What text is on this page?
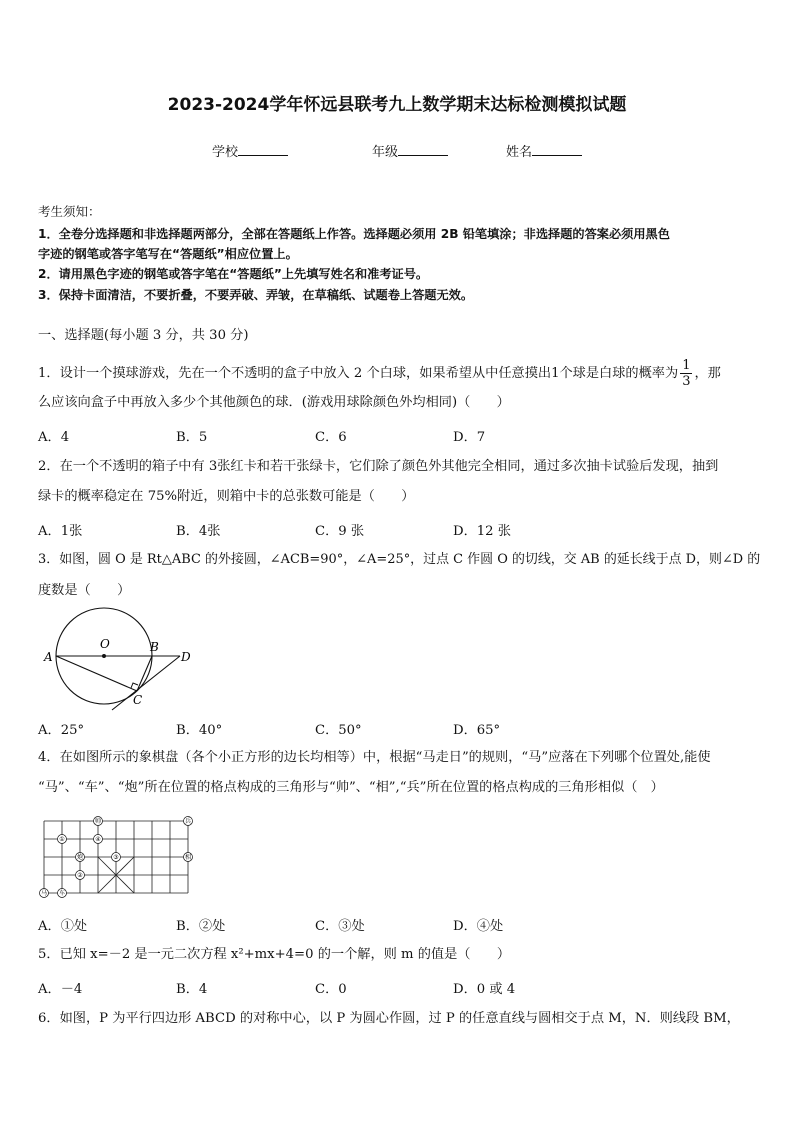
2023-2024学年怀远县联考九上数学期末达标检测模拟试题
学校	年级	姓名
考生须知：
1．全卷分选择题和非选择题两部分，全部在答题纸上作答。选择题必须用 2B 铅笔填涂；非选择题的答案必须用黑色
字迹的钢笔或答字笔写在“答题纸”相应位置上。
2．请用黑色字迹的钢笔或答字笔在“答题纸”上先填写姓名和准考证号。
3．保持卡面清洁，不要折叠，不要弄破、弄皱，在草稿纸、试题卷上答题无效。
一、选择题(每小题 3 分，共 30 分)
1．设计一个摸球游戏，先在一个不透明的盒子中放入 2 个白球，如果希望从中任意摸出1个球是白球的概率为 $\frac{1}{3}$ ，那
么应该向盒子中再放入多少个其他颜色的球．(游戏用球除颜色外均相同)（　　）
A．4	B．5	C．6	D．7
2．在一个不透明的箱子中有 3张红卡和若干张绿卡，它们除了颜色外其他完全相同，通过多次抽卡试验后发现，抽到
绿卡的概率稳定在 75%附近，则箱中卡的总张数可能是（　　）
A．1张	B．4张	C．9 张	D．12 张
3．如图，圆 O 是 Rt△ABC 的外接圆，∠ACB=90°，∠A=25°，过点 C 作圆 O 的切线，交 AB 的延长线于点 D，则∠D 的
度数是（　　）
A
O	B
D
C
A．25°	B．40°	C．50°	D．65°
4．在如图所示的象棋盘（各个小正方形的边长均相等）中，根据“马走日”的规则，“马”应落在下列哪个位置处,能使
“马”、“车”、“炮”所在位置的格点构成的三角形与“帅”、“相”,“兵”所在位置的格点构成的三角形相似（　）
帅	兵
相
马 车
炮
①
②
③
④
A．①处	B．②处	C．③处	D．④处
5．已知 x=－2 是一元二次方程 x²+mx+4=0 的一个解，则 m 的值是（　　）
A．－4	B．4	C．0	D．0 或 4
6．如图，P 为平行四边形 ABCD 的对称中心，以 P 为圆心作圆，过 P 的任意直线与圆相交于点 M，N．则线段 BM，
